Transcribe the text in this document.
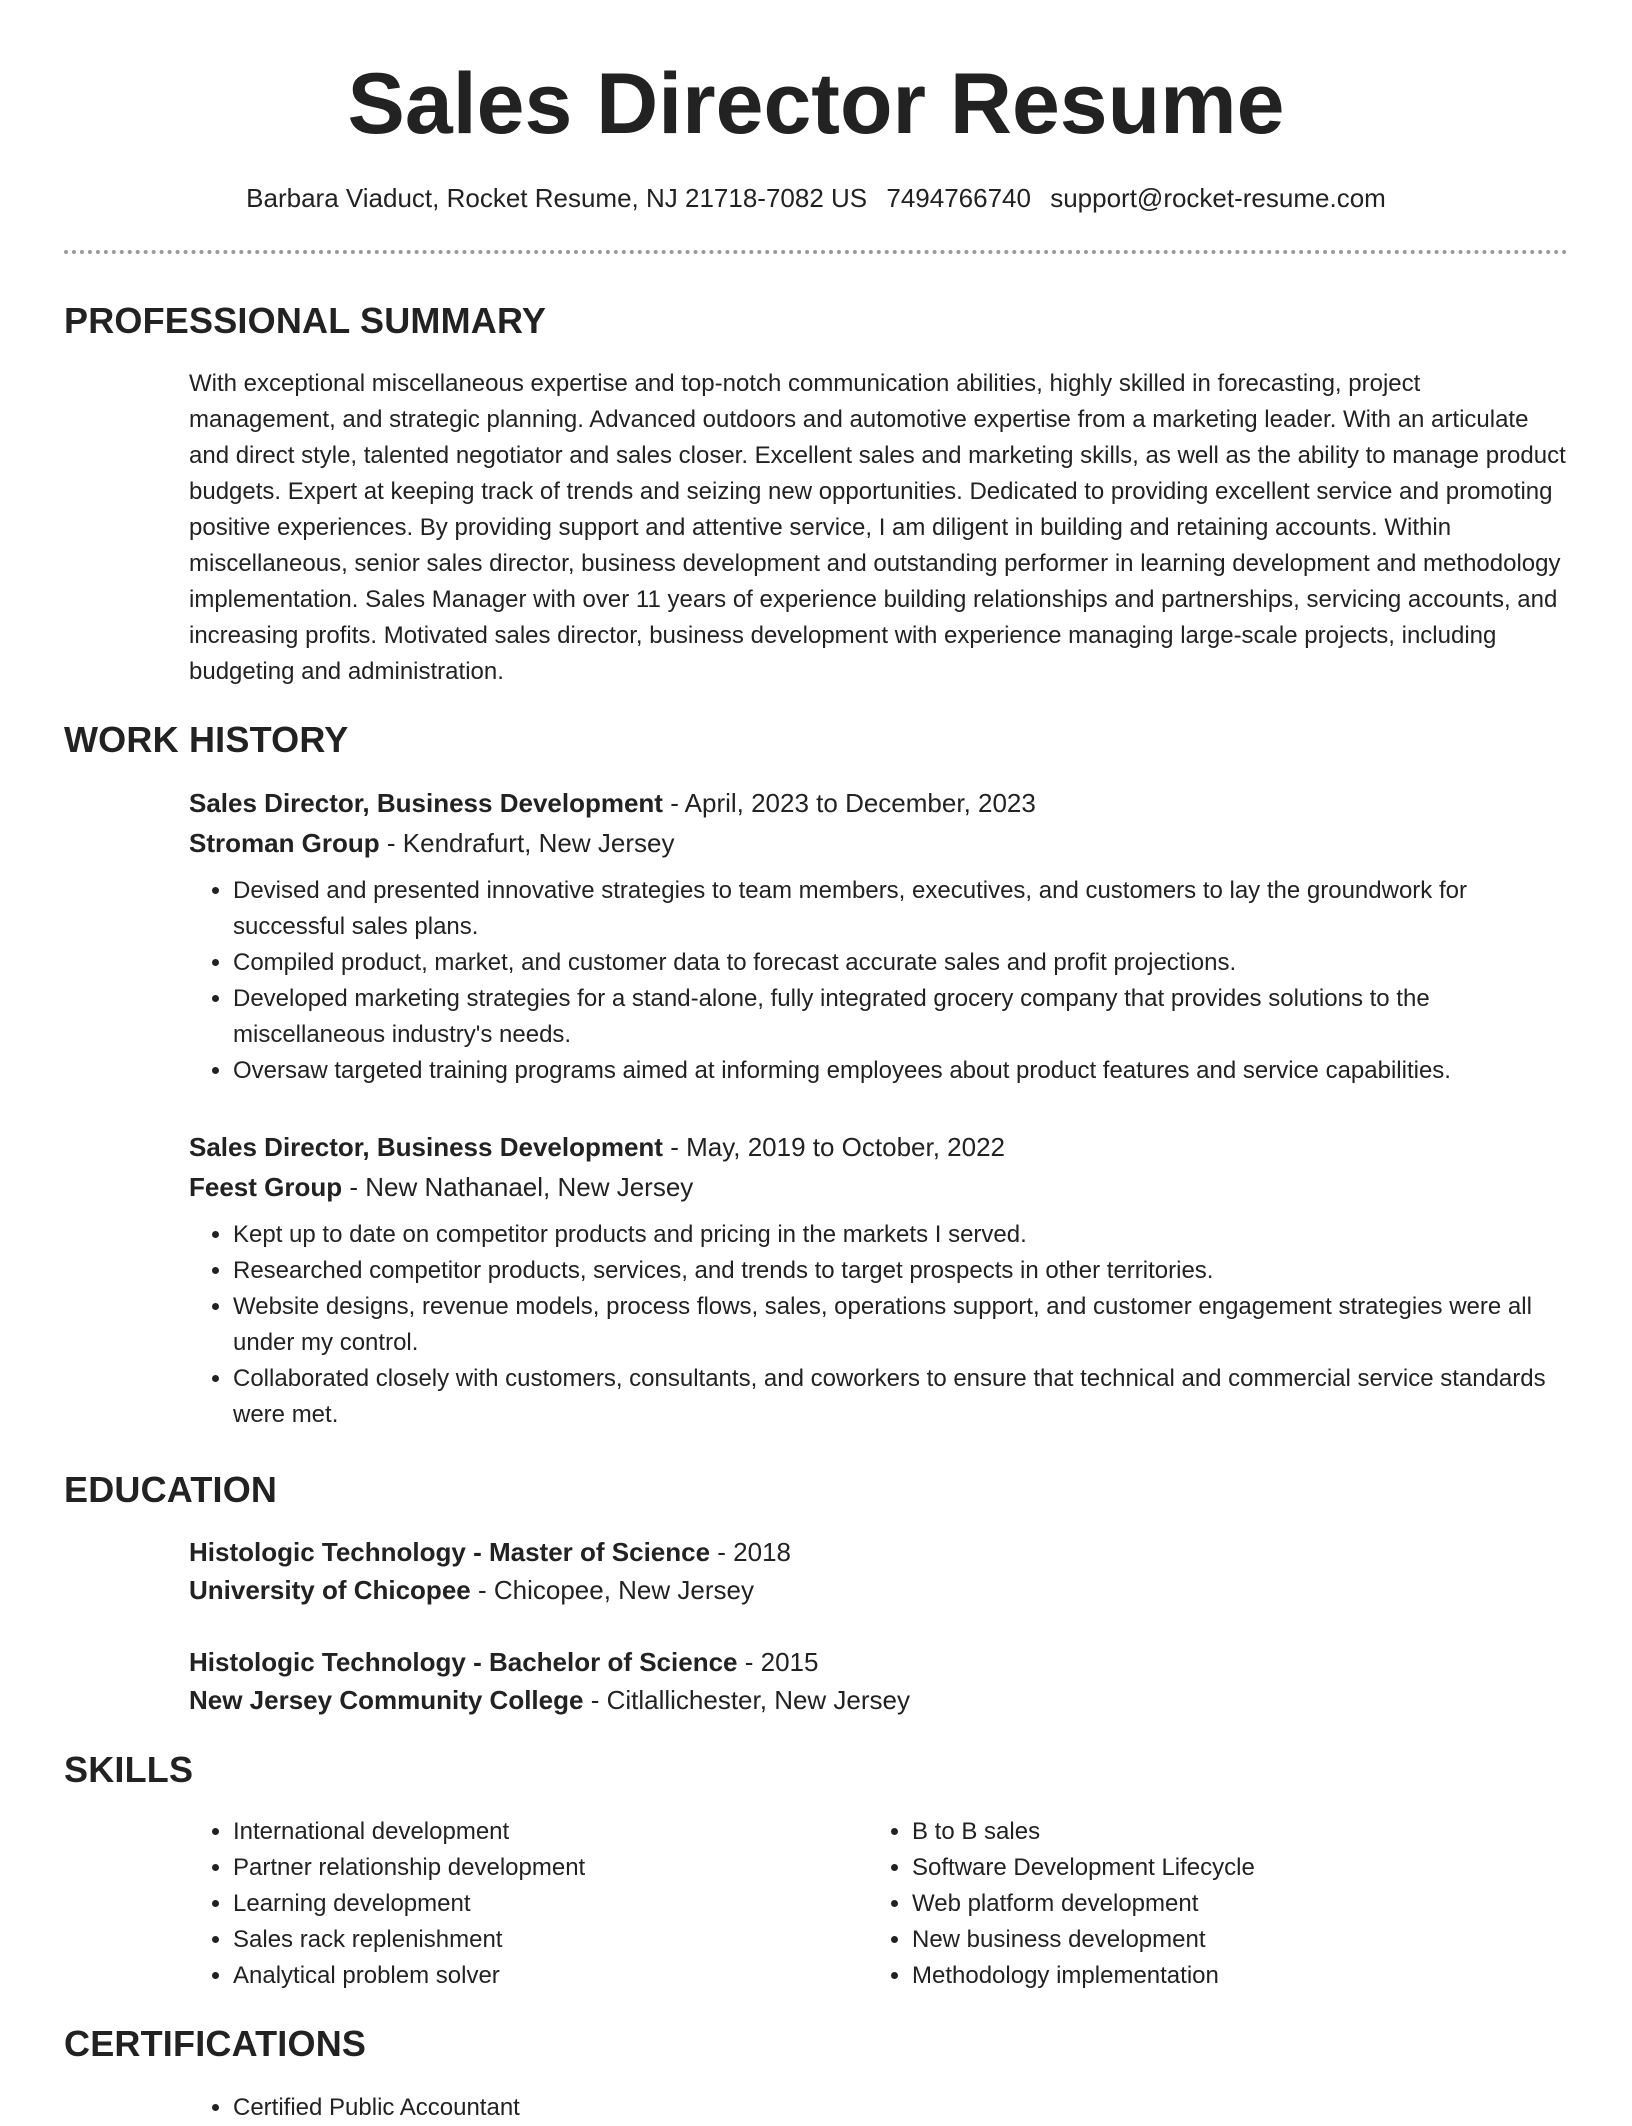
Sales Director Resume
Barbara Viaduct, Rocket Resume, NJ 21718-7082 US 7494766740 support@rocket-resume.com
PROFESSIONAL SUMMARY

With exceptional miscellaneous expertise and top-notch communication abilities, highly skilled in forecasting, project management, and strategic planning. Advanced outdoors and automotive expertise from a marketing leader. With an articulate and direct style, talented negotiator and sales closer. Excellent sales and marketing skills, as well as the ability to manage product budgets. Expert at keeping track of trends and seizing new opportunities. Dedicated to providing excellent service and promoting positive experiences. By providing support and attentive service, I am diligent in building and retaining accounts. Within miscellaneous, senior sales director, business development and outstanding performer in learning development and methodology implementation. Sales Manager with over 11 years of experience building relationships and partnerships, servicing accounts, and increasing profits. Motivated sales director, business development with experience managing large-scale projects, including budgeting and administration.

WORK HISTORY

Sales Director, Business Development - April, 2023 to December, 2023

Stroman Group - Kendrafurt, New Jersey

• Devised and presented innovative strategies to team members, executives, and customers to lay the groundwork for successful sales plans.
• Compiled product, market, and customer data to forecast accurate sales and profit projections.
• Developed marketing strategies for a stand-alone, fully integrated grocery company that provides solutions to the miscellaneous industry's needs.
• Oversaw targeted training programs aimed at informing employees about product features and service capabilities.

Sales Director, Business Development - May, 2019 to October, 2022

Feest Group - New Nathanael, New Jersey

• Kept up to date on competitor products and pricing in the markets I served.
• Researched competitor products, services, and trends to target prospects in other territories.
• Website designs, revenue models, process flows, sales, operations support, and customer engagement strategies were all under my control.
• Collaborated closely with customers, consultants, and coworkers to ensure that technical and commercial service standards were met.
EDUCATION

Histologic Technology - Master of Science - 2018

University of Chicopee - Chicopee, New Jersey

Histologic Technology - Bachelor of Science - 2015

New Jersey Community College - Citlallichester, New Jersey

SKILLS
• International development
• Partner relationship development
• Learning development
• Sales rack replenishment
• Analytical problem solver
• B to B sales
• Software Development Lifecycle
• Web platform development
• New business development
• Methodology implementation
CERTIFICATIONS
• Certified Public Accountant
